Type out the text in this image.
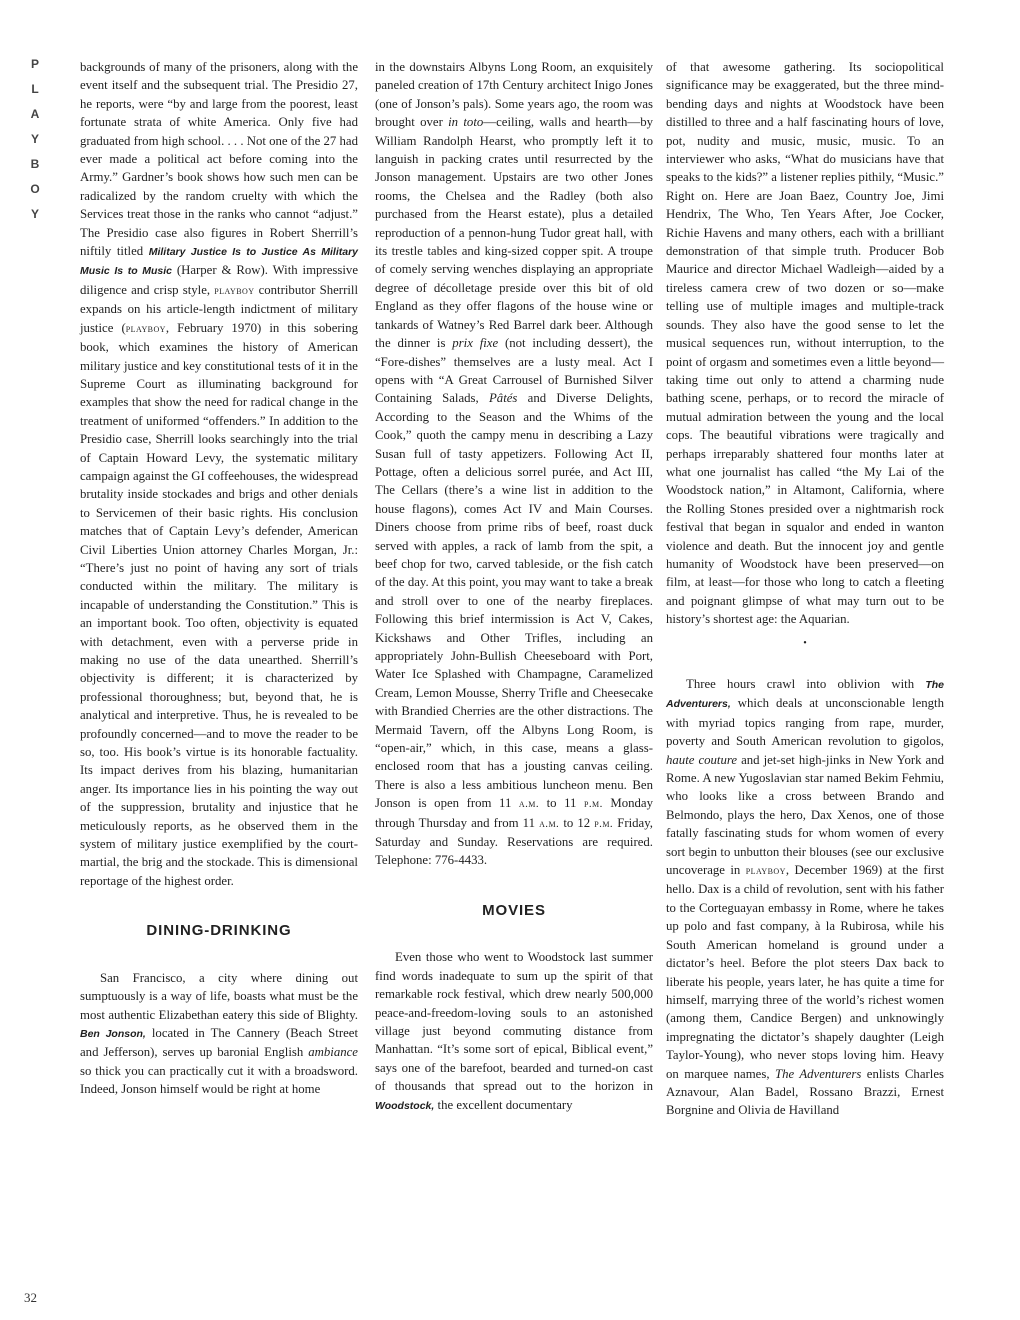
P
L
A
Y
B
O
Y
32

backgrounds of many of the prisoners, along with the event itself and the subsequent trial. The Presidio 27, he reports, were “by and large from the poorest, least fortunate strata of white America. Only five had graduated from high school. . . . Not one of the 27 had ever made a political act before coming into the Army.” Gardner’s book shows how such men can be radicalized by the random cruelty with which the Services treat those in the ranks who cannot “adjust.” The Presidio case also figures in Robert Sherrill’s niftily titled Military Justice Is to Justice As Military Music Is to Music (Harper & Row). With impressive diligence and crisp style, playboy contributor Sherrill expands on his article-length indictment of military justice (playboy, February 1970) in this sobering book, which examines the history of American military justice and key constitutional tests of it in the Supreme Court as illuminating background for examples that show the need for radical change in the treatment of uniformed “offenders.” In addition to the Presidio case, Sherrill looks searchingly into the trial of Captain Howard Levy, the systematic military campaign against the GI coffeehouses, the widespread brutality inside stockades and brigs and other denials to Servicemen of their basic rights. His conclusion matches that of Captain Levy’s defender, American Civil Liberties Union attorney Charles Morgan, Jr.: “There’s just no point of having any sort of trials conducted within the military. The military is incapable of understanding the Constitution.” This is an important book. Too often, objectivity is equated with detachment, even with a perverse pride in making no use of the data unearthed. Sherrill’s objectivity is different; it is characterized by professional thoroughness; but, beyond that, he is analytical and interpretive. Thus, he is revealed to be profoundly concerned—and to move the reader to be so, too. His book’s virtue is its honorable factuality. Its impact derives from his blazing, humanitarian anger. Its importance lies in his pointing the way out of the suppression, brutality and injustice that he meticulously reports, as he observed them in the system of military justice exemplified by the court-martial, the brig and the stockade. This is dimensional reportage of the highest order.

DINING-DRINKING

San Francisco, a city where dining out sumptuously is a way of life, boasts what must be the most authentic Elizabethan eatery this side of Blighty. Ben Jonson, located in The Cannery (Beach Street and Jefferson), serves up baronial English ambiance so thick you can practically cut it with a broadsword. Indeed, Jonson himself would be right at home

in the downstairs Albyns Long Room, an exquisitely paneled creation of 17th Century architect Inigo Jones (one of Jonson’s pals). Some years ago, the room was brought over in toto—ceiling, walls and hearth—by William Randolph Hearst, who promptly left it to languish in packing crates until resurrected by the Jonson management. Upstairs are two other Jones rooms, the Chelsea and the Radley (both also purchased from the Hearst estate), plus a detailed reproduction of a pennon-hung Tudor great hall, with its trestle tables and king-sized copper spit. A troupe of comely serving wenches displaying an appropriate degree of décolletage preside over this bit of old England as they offer flagons of the house wine or tankards of Watney’s Red Barrel dark beer. Although the dinner is prix fixe (not including dessert), the “Fore-dishes” themselves are a lusty meal. Act I opens with “A Great Carrousel of Burnished Silver Containing Salads, Pâtés and Diverse Delights, According to the Season and the Whims of the Cook,” quoth the campy menu in describing a Lazy Susan full of tasty appetizers. Following Act II, Pottage, often a delicious sorrel purée, and Act III, The Cellars (there’s a wine list in addition to the house flagons), comes Act IV and Main Courses. Diners choose from prime ribs of beef, roast duck served with apples, a rack of lamb from the spit, a beef chop for two, carved tableside, or the fish catch of the day. At this point, you may want to take a break and stroll over to one of the nearby fireplaces. Following this brief intermission is Act V, Cakes, Kickshaws and Other Trifles, including an appropriately John-Bullish Cheeseboard with Port, Water Ice Splashed with Champagne, Caramelized Cream, Lemon Mousse, Sherry Trifle and Cheesecake with Brandied Cherries are the other distractions. The Mermaid Tavern, off the Albyns Long Room, is “open-air,” which, in this case, means a glass-enclosed room that has a jousting canvas ceiling. There is also a less ambitious luncheon menu. Ben Jonson is open from 11 a.m. to 11 p.m. Monday through Thursday and from 11 a.m. to 12 p.m. Friday, Saturday and Sunday. Reservations are required. Telephone: 776-4433.

MOVIES

Even those who went to Woodstock last summer find words inadequate to sum up the spirit of that remarkable rock festival, which drew nearly 500,000 peace-and-freedom-loving souls to an astonished village just beyond commuting distance from Manhattan. “It’s some sort of epical, Biblical event,” says one of the barefoot, bearded and turned-on cast of thousands that spread out to the horizon in Woodstock, the excellent documentary

of that awesome gathering. Its sociopolitical significance may be exaggerated, but the three mind-bending days and nights at Woodstock have been distilled to three and a half fascinating hours of love, pot, nudity and music, music, music. To an interviewer who asks, “What do musicians have that speaks to the kids?” a listener replies pithily, “Music.” Right on. Here are Joan Baez, Country Joe, Jimi Hendrix, The Who, Ten Years After, Joe Cocker, Richie Havens and many others, each with a brilliant demonstration of that simple truth. Producer Bob Maurice and director Michael Wadleigh—aided by a tireless camera crew of two dozen or so—make telling use of multiple images and multiple-track sounds. They also have the good sense to let the musical sequences run, without interruption, to the point of orgasm and sometimes even a little beyond—taking time out only to attend a charming nude bathing scene, perhaps, or to record the miracle of mutual admiration between the young and the local cops. The beautiful vibrations were tragically and perhaps irreparably shattered four months later at what one journalist has called “the My Lai of the Woodstock nation,” in Altamont, California, where the Rolling Stones presided over a nightmarish rock festival that began in squalor and ended in wanton violence and death. But the innocent joy and gentle humanity of Woodstock have been preserved—on film, at least—for those who long to catch a fleeting and poignant glimpse of what may turn out to be history’s shortest age: the Aquarian.

•

Three hours crawl into oblivion with The Adventurers, which deals at unconscionable length with myriad topics ranging from rape, murder, poverty and South American revolution to gigolos, haute couture and jet-set high-jinks in New York and Rome. A new Yugoslavian star named Bekim Fehmiu, who looks like a cross between Brando and Belmondo, plays the hero, Dax Xenos, one of those fatally fascinating studs for whom women of every sort begin to unbutton their blouses (see our exclusive uncoverage in playboy, December 1969) at the first hello. Dax is a child of revolution, sent with his father to the Corteguayan embassy in Rome, where he takes up polo and fast company, à la Rubirosa, while his South American homeland is ground under a dictator’s heel. Before the plot steers Dax back to liberate his people, years later, he has quite a time for himself, marrying three of the world’s richest women (among them, Candice Bergen) and unknowingly impregnating the dictator’s shapely daughter (Leigh Taylor-Young), who never stops loving him. Heavy on marquee names, The Adventurers enlists Charles Aznavour, Alan Badel, Rossano Brazzi, Ernest Borgnine and Olivia de Havilland
